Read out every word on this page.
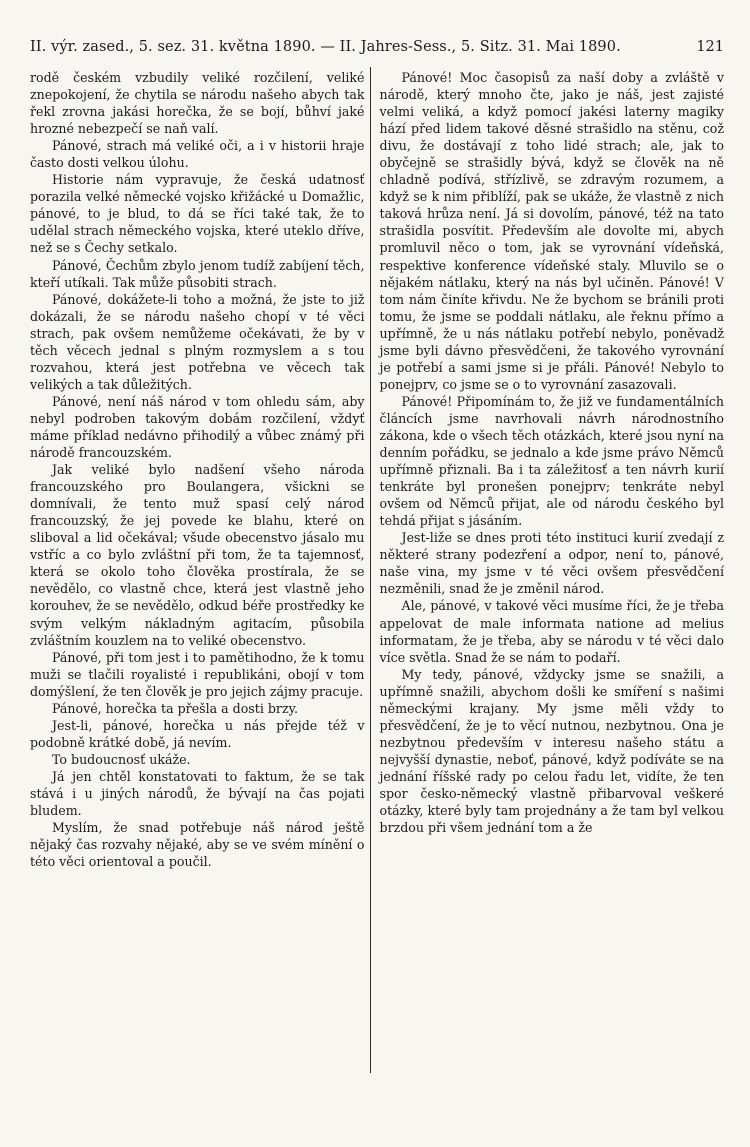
II. výr. zased., 5. sez. 31. května 1890. — II. Jahres-Sess., 5. Sitz. 31. Mai 1890.	121

rodě českém vzbudily veliké rozčilení, veliké znepokojení, že chytila se národu našeho abych tak řekl zrovna jakási horečka, že se bojí, bůhví jaké hrozné nebezpečí se naň valí.

Pánové, strach má veliké oči, a i v historii hraje často dosti velkou úlohu.

Historie nám vypravuje, že česká udatnosť porazila velké německé vojsko křižácké u Domažlic, pánové, to je blud, to dá se říci také tak, že to udělal strach německého vojska, které uteklo dříve, než se s Čechy setkalo.

Pánové, Čechům zbylo jenom tudíž zabíjení těch, kteří utíkali. Tak může působiti strach.

Pánové, dokážete-li toho a možná, že jste to již dokázali, že se národu našeho chopí v té věci strach, pak ovšem nemůžeme očekávati, že by v těch věcech jednal s plným rozmyslem a s tou rozvahou, která jest potřebna ve věcech tak velikých a tak důležitých.

Pánové, není náš národ v tom ohledu sám, aby nebyl podroben takovým dobám rozčilení, vždyť máme příklad nedávno přihodilý a vůbec známý při národě francouzském.

Jak veliké bylo nadšení všeho národa francouzského pro Boulangera, všickni se domnívali, že tento muž spasí celý národ francouzský, že jej povede ke blahu, které on sliboval a lid očekával; všude obecenstvo jásalo mu vstříc a co bylo zvláštní při tom, že ta tajemnosť, která se okolo toho člověka prostírala, že se nevědělo, co vlastně chce, která jest vlastně jeho korouhev, že se nevědělo, odkud béře prostředky ke svým velkým nákladným agitacím, působila zvláštním kouzlem na to veliké obecenstvo.

Pánové, při tom jest i to pamětihodno, že k tomu muži se tlačili royalisté i republikáni, obojí v tom domýšlení, že ten člověk je pro jejich zájmy pracuje.

Pánové, horečka ta přešla a dosti brzy.

Jest-li, pánové, horečka u nás přejde též v podobně krátké době, já nevím.

To budoucnosť ukáže.

Já jen chtěl konstatovati to faktum, že se tak stává i u jiných národů, že bývají na čas pojati bludem.

Myslím, že snad potřebuje náš národ ještě nějaký čas rozvahy nějaké, aby se ve svém mínění o této věci orientoval a poučil.

Pánové! Moc časopisů za naší doby a zvláště v národě, který mnoho čte, jako je náš, jest zajisté velmi veliká, a když pomocí jakési laterny magiky hází před lidem takové děsné strašidlo na stěnu, což divu, že dostávají z toho lidé strach; ale, jak to obyčejně se strašidly bývá, když se člověk na ně chladně podívá, střízlivě, se zdravým rozumem, a když se k nim přiblíží, pak se ukáže, že vlastně z nich taková hrůza není. Já si dovolím, pánové, též na tato strašidla posvítit. Především ale dovolte mi, abych promluvil něco o tom, jak se vyrovnání vídeňská, respektive konference vídeňské staly. Mluvilo se o nějakém nátlaku, který na nás byl učiněn. Pánové! V tom nám činíte křivdu. Ne že bychom se bránili proti tomu, že jsme se poddali nátlaku, ale řeknu přímo a upřímně, že u nás nátlaku potřebí nebylo, poněvadž jsme byli dávno přesvědčeni, že takového vyrovnání je potřebí a sami jsme si je přáli. Pánové! Nebylo to ponejprv, co jsme se o to vyrovnání zasazovali.

Pánové! Připomínám to, že již ve fundamentálních článcích jsme navrhovali návrh národnostního zákona, kde o všech těch otázkách, které jsou nyní na denním pořádku, se jednalo a kde jsme právo Němců upřímně přiznali. Ba i ta záležitosť a ten návrh kurií tenkráte byl pronešen ponejprv; tenkráte nebyl ovšem od Němců přijat, ale od národu českého byl tehdá přijat s jásáním.

Jest-liže se dnes proti této instituci kurií zvedají z některé strany podezření a odpor, není to, pánové, naše vina, my jsme v té věci ovšem přesvědčení nezměnili, snad že je změnil národ.

Ale, pánové, v takové věci musíme říci, že je třeba appelovat de male informata natione ad melius informatam, že je třeba, aby se národu v té věci dalo více světla. Snad že se nám to podaří.

My tedy, pánové, vždycky jsme se snažili, a upřímně snažili, abychom došli ke smíření s našimi německými krajany. My jsme měli vždy to přesvědčení, že je to věcí nutnou, nezbytnou. Ona je nezbytnou především v interesu našeho státu a nejvyšší dynastie, neboť, pánové, když podíváte se na jednání říšské rady po celou řadu let, vidíte, že ten spor česko-německý vlastně přibarvoval veškeré otázky, které byly tam projednány a že tam byl velkou brzdou při všem jednání tom a že
